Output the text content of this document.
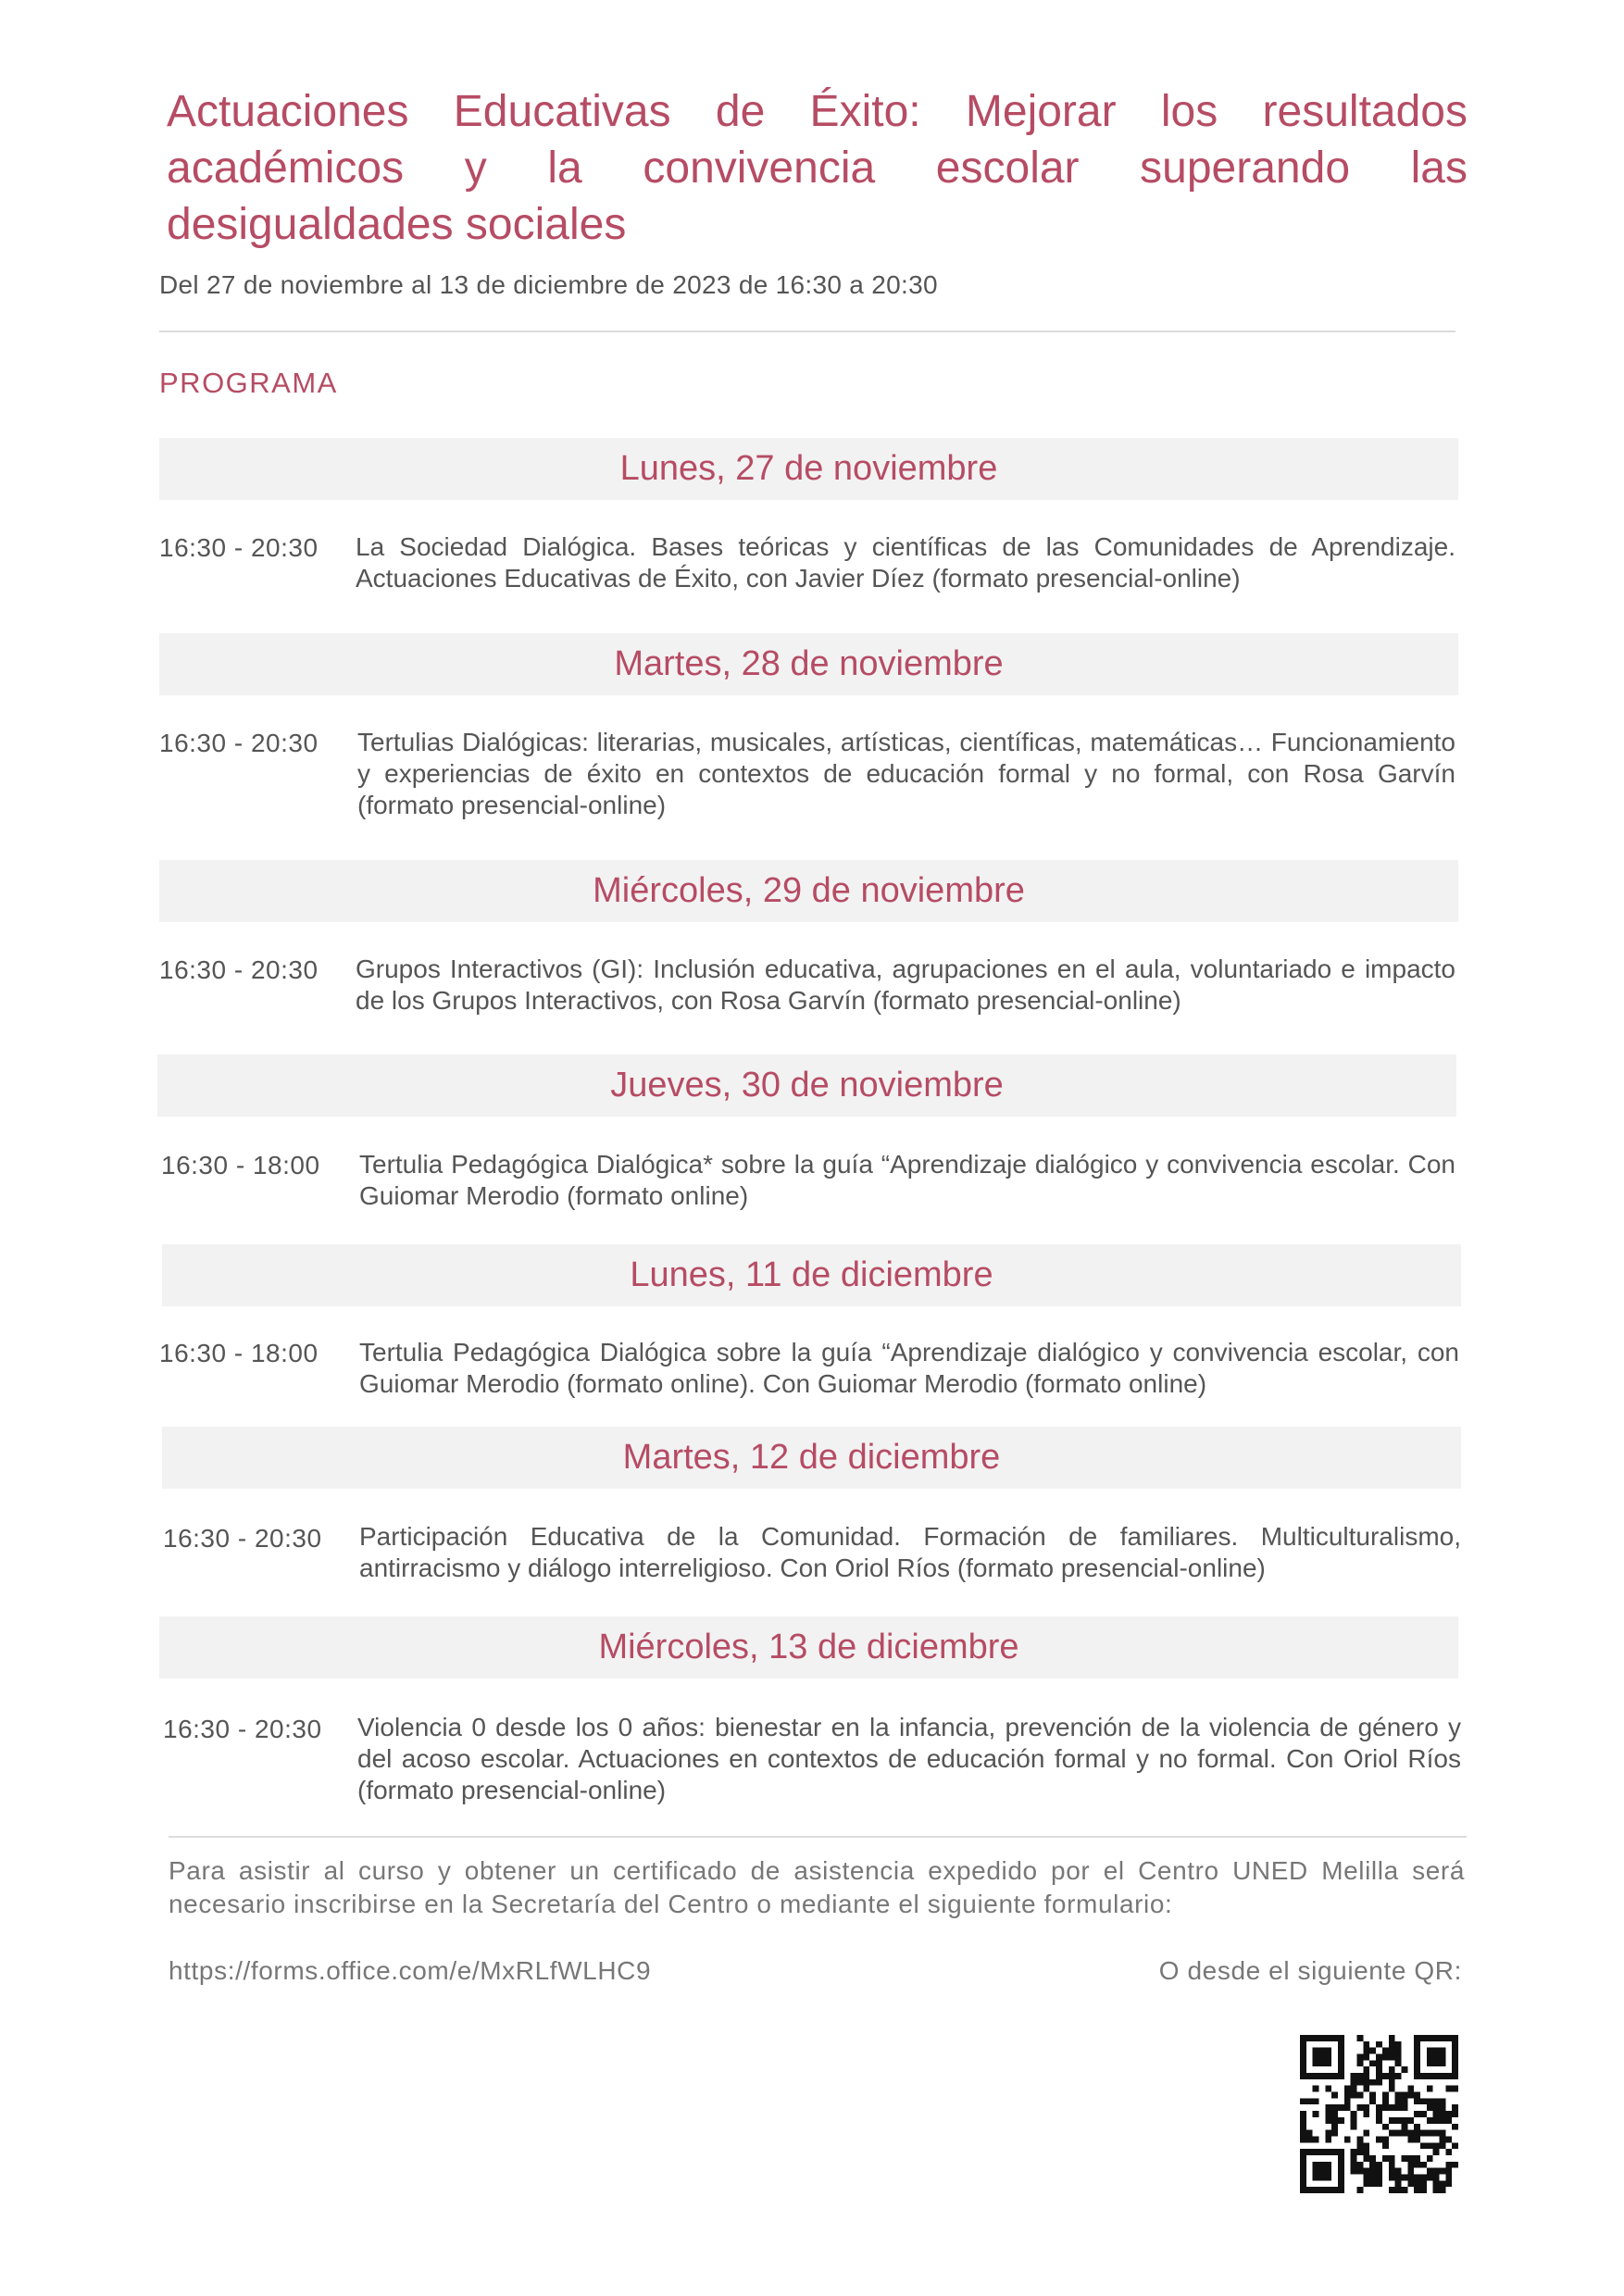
Actuaciones Educativas de Éxito: Mejorar los resultados académicos y la convivencia escolar superando las desigualdades sociales
Del 27 de noviembre al 13 de diciembre de 2023 de 16:30 a 20:30
PROGRAMA
Lunes, 27 de noviembre
16:30 - 20:30 La Sociedad Dialógica. Bases teóricas y científicas de las Comunidades de Aprendizaje. Actuaciones Educativas de Éxito, con Javier Díez (formato presencial-online)
Martes, 28 de noviembre
16:30 - 20:30 Tertulias Dialógicas: literarias, musicales, artísticas, científicas, matemáticas… Funcionamiento y experiencias de éxito en contextos de educación formal y no formal, con Rosa Garvín (formato presencial-online)
Miércoles, 29 de noviembre
16:30 - 20:30 Grupos Interactivos (GI): Inclusión educativa, agrupaciones en el aula, voluntariado e impacto de los Grupos Interactivos, con Rosa Garvín (formato presencial-online)
Jueves, 30 de noviembre
16:30 - 18:00 Tertulia Pedagógica Dialógica* sobre la guía “Aprendizaje dialógico y convivencia escolar. Con Guiomar Merodio (formato online)
Lunes, 11 de diciembre
16:30 - 18:00 Tertulia Pedagógica Dialógica sobre la guía “Aprendizaje dialógico y convivencia escolar, con Guiomar Merodio (formato online). Con Guiomar Merodio (formato online)
Martes, 12 de diciembre
16:30 - 20:30 Participación Educativa de la Comunidad. Formación de familiares. Multiculturalismo, antirracismo y diálogo interreligioso. Con Oriol Ríos (formato presencial-online)
Miércoles, 13 de diciembre
16:30 - 20:30 Violencia 0 desde los 0 años: bienestar en la infancia, prevención de la violencia de género y del acoso escolar. Actuaciones en contextos de educación formal y no formal. Con Oriol Ríos (formato presencial-online)
Para asistir al curso y obtener un certificado de asistencia expedido por el Centro UNED Melilla será necesario inscribirse en la Secretaría del Centro o mediante el siguiente formulario:
https://forms.office.com/e/MxRLfWLHC9	O desde el siguiente QR:
